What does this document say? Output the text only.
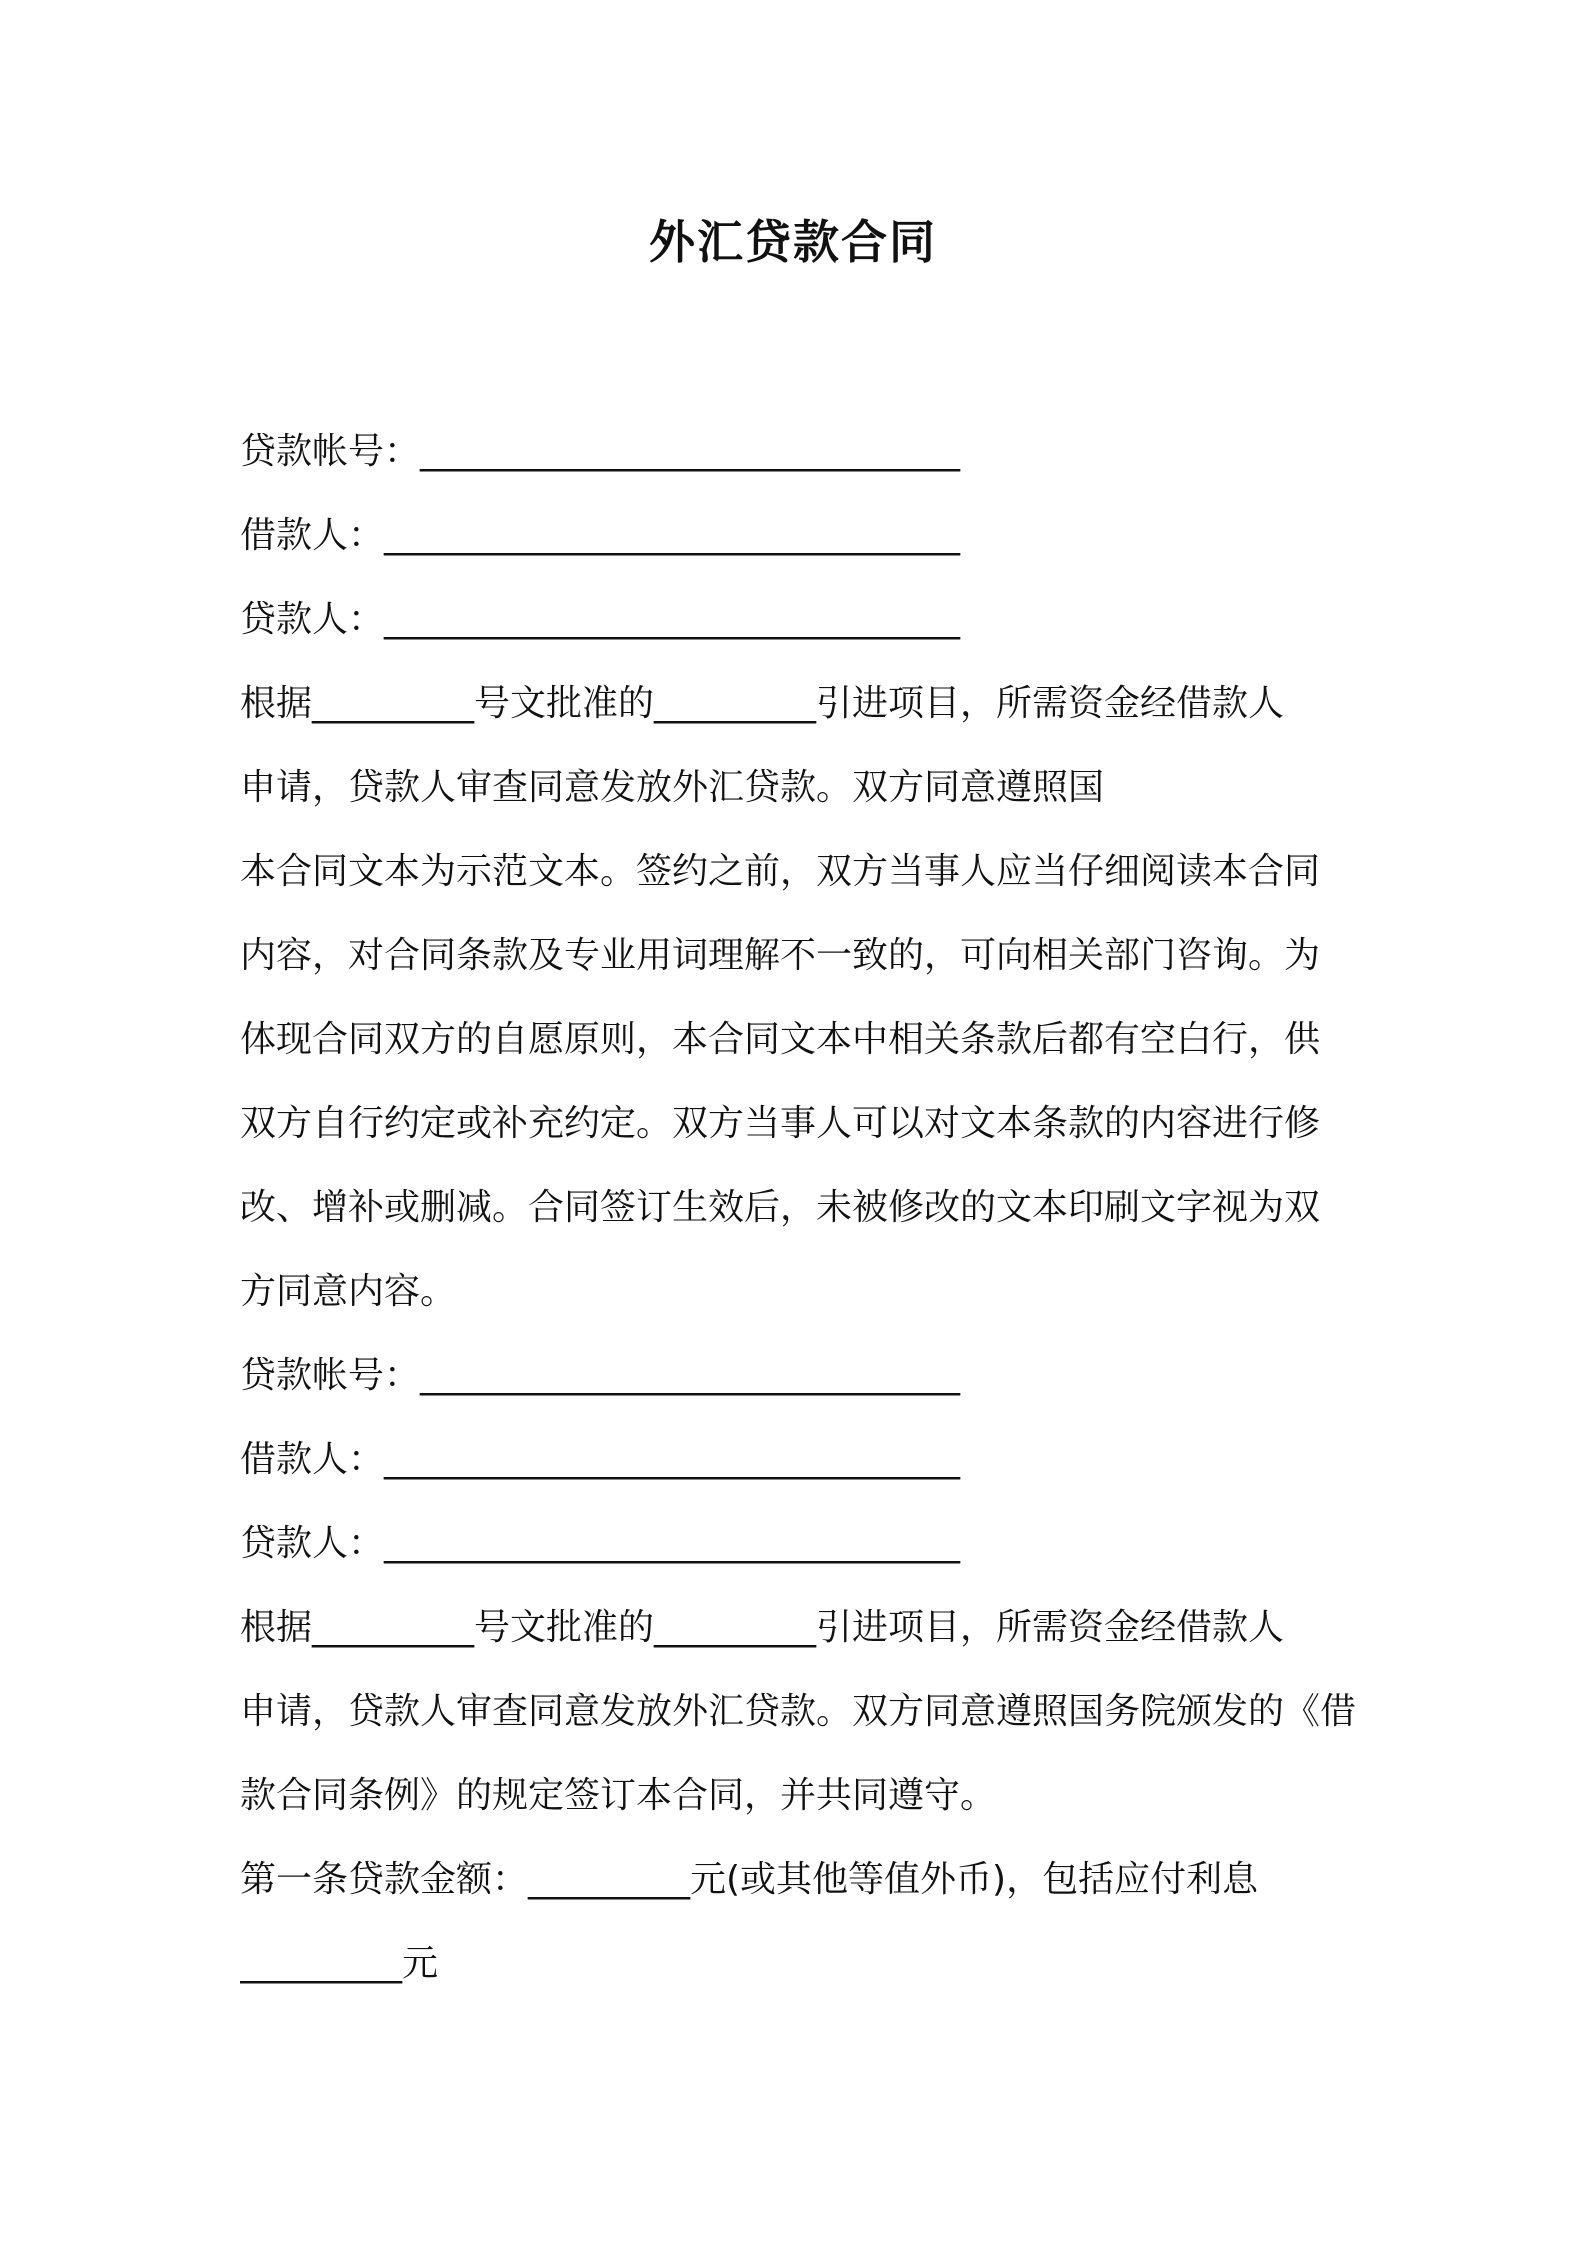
外汇贷款合同
贷款帐号：______________________________
借款人：________________________________
贷款人：________________________________
根据_________号文批准的_________引进项目，所需资金经借款人
申请，贷款人审查同意发放外汇贷款。双方同意遵照国
本合同文本为示范文本。签约之前，双方当事人应当仔细阅读本合同
内容，对合同条款及专业用词理解不一致的，可向相关部门咨询。为
体现合同双方的自愿原则，本合同文本中相关条款后都有空白行，供
双方自行约定或补充约定。双方当事人可以对文本条款的内容进行修
改、增补或删减。合同签订生效后，未被修改的文本印刷文字视为双
方同意内容。
贷款帐号：______________________________
借款人：________________________________
贷款人：________________________________
根据_________号文批准的_________引进项目，所需资金经借款人
申请，贷款人审查同意发放外汇贷款。双方同意遵照国务院颁发的《借
款合同条例》的规定签订本合同，并共同遵守。
第一条贷款金额：_________元(或其他等值外币)，包括应付利息
_________元
